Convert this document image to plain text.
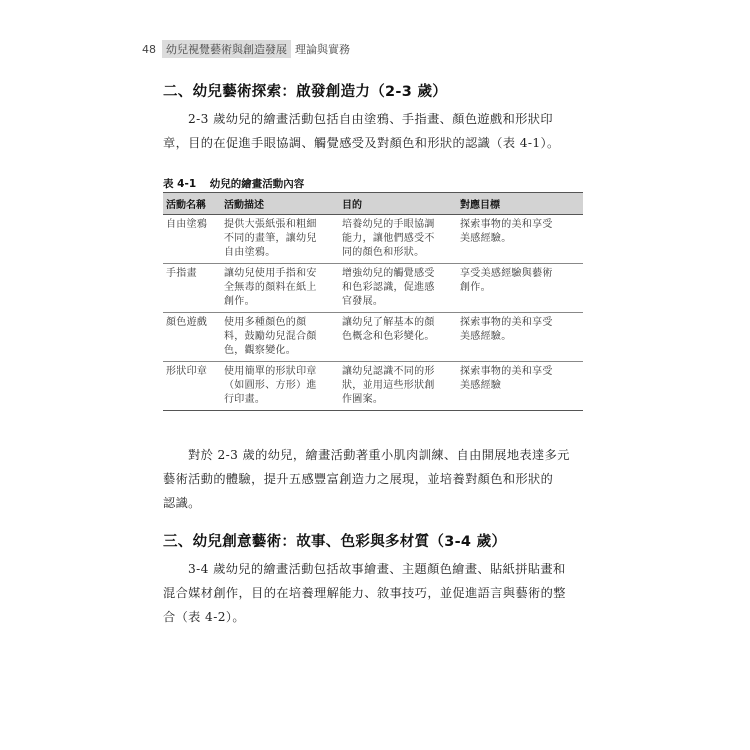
48 幼兒視覺藝術與創造發展 理論與實務
二、幼兒藝術探索：啟發創造力（2-3 歲）
2-3 歲幼兒的繪畫活動包括自由塗鴉、手指畫、顏色遊戲和形狀印
章，目的在促進手眼協調、觸覺感受及對顏色和形狀的認識（表 4-1）。
表 4-1 幼兒的繪畫活動內容
活動名稱	活動描述	目的	對應目標

自由塗鴉	提供大張紙張和粗細
不同的畫筆，讓幼兒
自由塗鴉。	培養幼兒的手眼協調
能力，讓他們感受不
同的顏色和形狀。	探索事物的美和享受
美感經驗。

手指畫	讓幼兒使用手指和安
全無毒的顏料在紙上
創作。	增強幼兒的觸覺感受
和色彩認識，促進感
官發展。	享受美感經驗與藝術
創作。

顏色遊戲	使用多種顏色的顏
料，鼓勵幼兒混合顏
色，觀察變化。	讓幼兒了解基本的顏
色概念和色彩變化。	探索事物的美和享受
美感經驗。

形狀印章	使用簡單的形狀印章
（如圓形、方形）進
行印畫。	讓幼兒認識不同的形
狀，並用這些形狀創
作圖案。	探索事物的美和享受
美感經驗
對於 2-3 歲的幼兒，繪畫活動著重小肌肉訓練、自由開展地表達多元
藝術活動的體驗，提升五感豐富創造力之展現，並培養對顏色和形狀的
認識。
三、幼兒創意藝術：故事、色彩與多材質（3-4 歲）
3-4 歲幼兒的繪畫活動包括故事繪畫、主題顏色繪畫、貼紙拼貼畫和
混合媒材創作，目的在培養理解能力、敘事技巧，並促進語言與藝術的整
合（表 4-2）。
